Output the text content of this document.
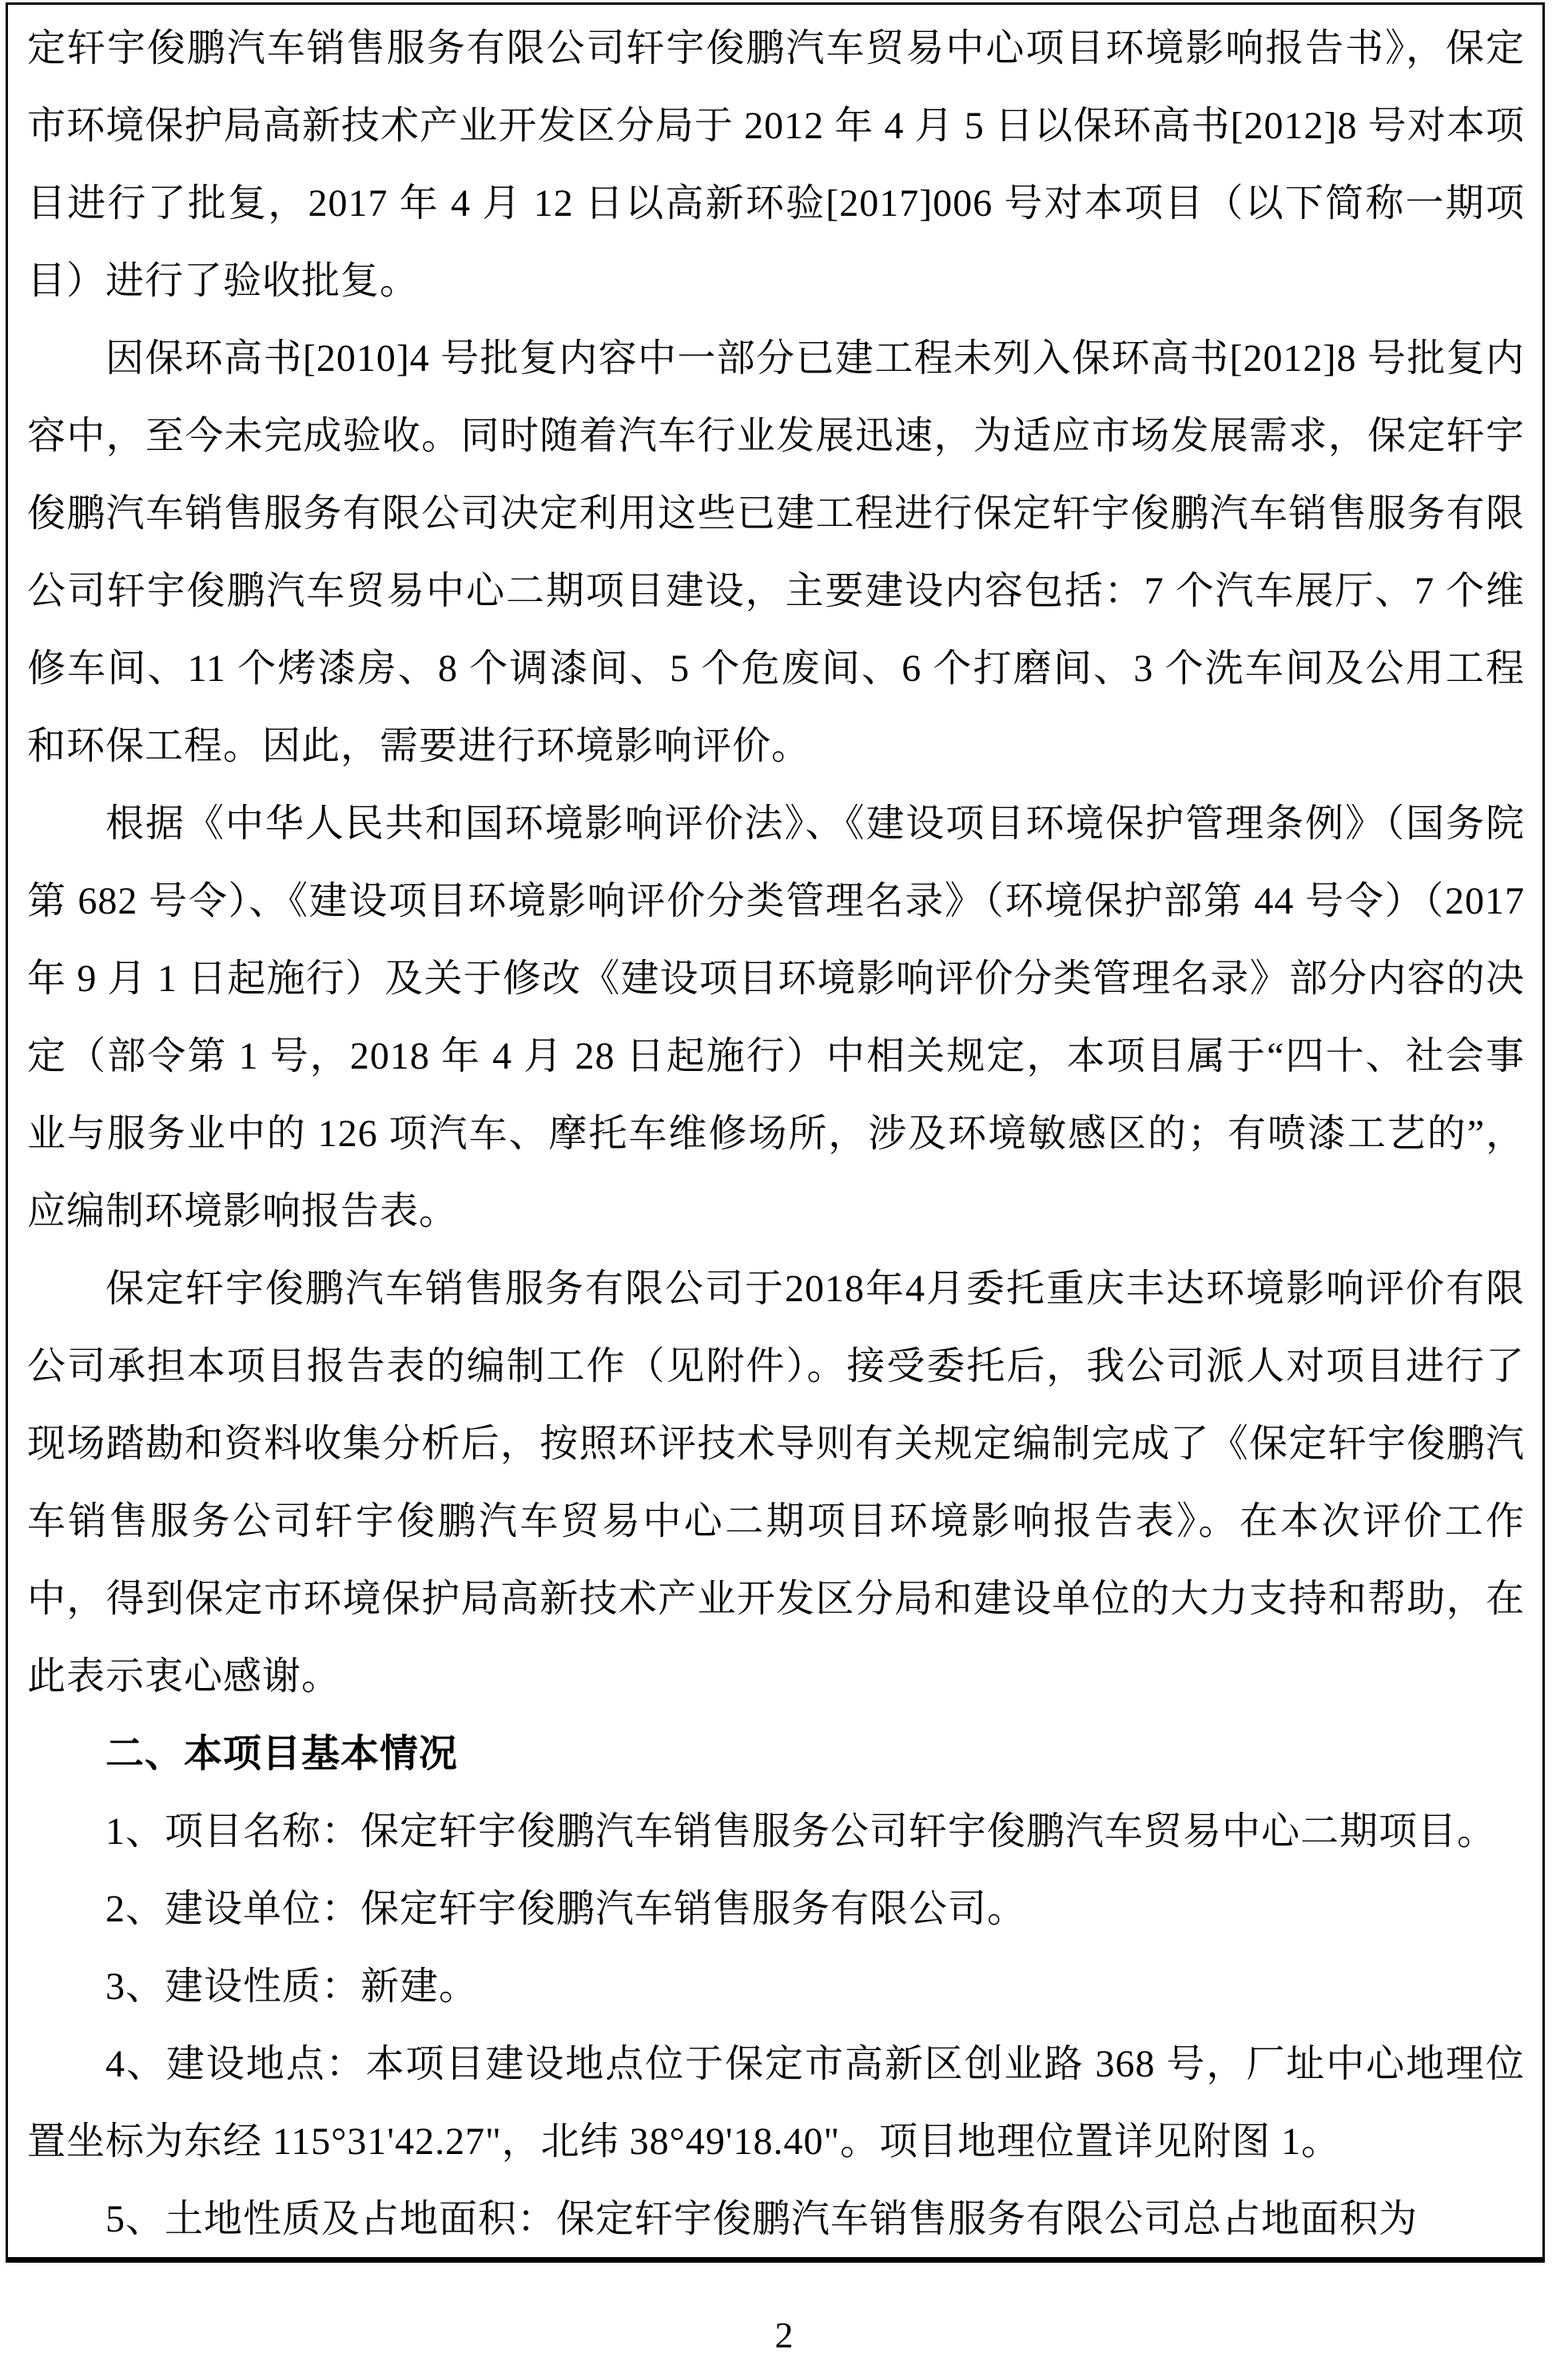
定轩宇俊鹏汽车销售服务有限公司轩宇俊鹏汽车贸易中心项目环境影响报告书》，保定市环境保护局高新技术产业开发区分局于 2012 年 4 月 5 日以保环高书[2012]8 号对本项目进行了批复，2017 年 4 月 12 日以高新环验[2017]006 号对本项目（以下简称一期项目）进行了验收批复。

因保环高书[2010]4 号批复内容中一部分已建工程未列入保环高书[2012]8 号批复内容中，至今未完成验收。同时随着汽车行业发展迅速，为适应市场发展需求，保定轩宇俊鹏汽车销售服务有限公司决定利用这些已建工程进行保定轩宇俊鹏汽车销售服务有限公司轩宇俊鹏汽车贸易中心二期项目建设，主要建设内容包括：7 个汽车展厅、7 个维修车间、11 个烤漆房、8 个调漆间、5 个危废间、6 个打磨间、3 个洗车间及公用工程和环保工程。因此，需要进行环境影响评价。

根据《中华人民共和国环境影响评价法》、《建设项目环境保护管理条例》（国务院第 682 号令）、《建设项目环境影响评价分类管理名录》（环境保护部第 44 号令）（2017 年 9 月 1 日起施行）及关于修改《建设项目环境影响评价分类管理名录》部分内容的决定（部令第 1 号，2018 年 4 月 28 日起施行）中相关规定，本项目属于“四十、社会事业与服务业中的 126 项汽车、摩托车维修场所，涉及环境敏感区的；有喷漆工艺的”，应编制环境影响报告表。

保定轩宇俊鹏汽车销售服务有限公司于2018年4月委托重庆丰达环境影响评价有限公司承担本项目报告表的编制工作（见附件）。接受委托后，我公司派人对项目进行了现场踏勘和资料收集分析后，按照环评技术导则有关规定编制完成了《保定轩宇俊鹏汽车销售服务公司轩宇俊鹏汽车贸易中心二期项目环境影响报告表》。在本次评价工作中，得到保定市环境保护局高新技术产业开发区分局和建设单位的大力支持和帮助，在此表示衷心感谢。

二、本项目基本情况

1、项目名称：保定轩宇俊鹏汽车销售服务公司轩宇俊鹏汽车贸易中心二期项目。

2、建设单位：保定轩宇俊鹏汽车销售服务有限公司。

3、建设性质：新建。

4、建设地点：本项目建设地点位于保定市高新区创业路 368 号，厂址中心地理位置坐标为东经 115°31'42.27"，北纬 38°49'18.40"。项目地理位置详见附图 1。

5、土地性质及占地面积：保定轩宇俊鹏汽车销售服务有限公司总占地面积为

2
